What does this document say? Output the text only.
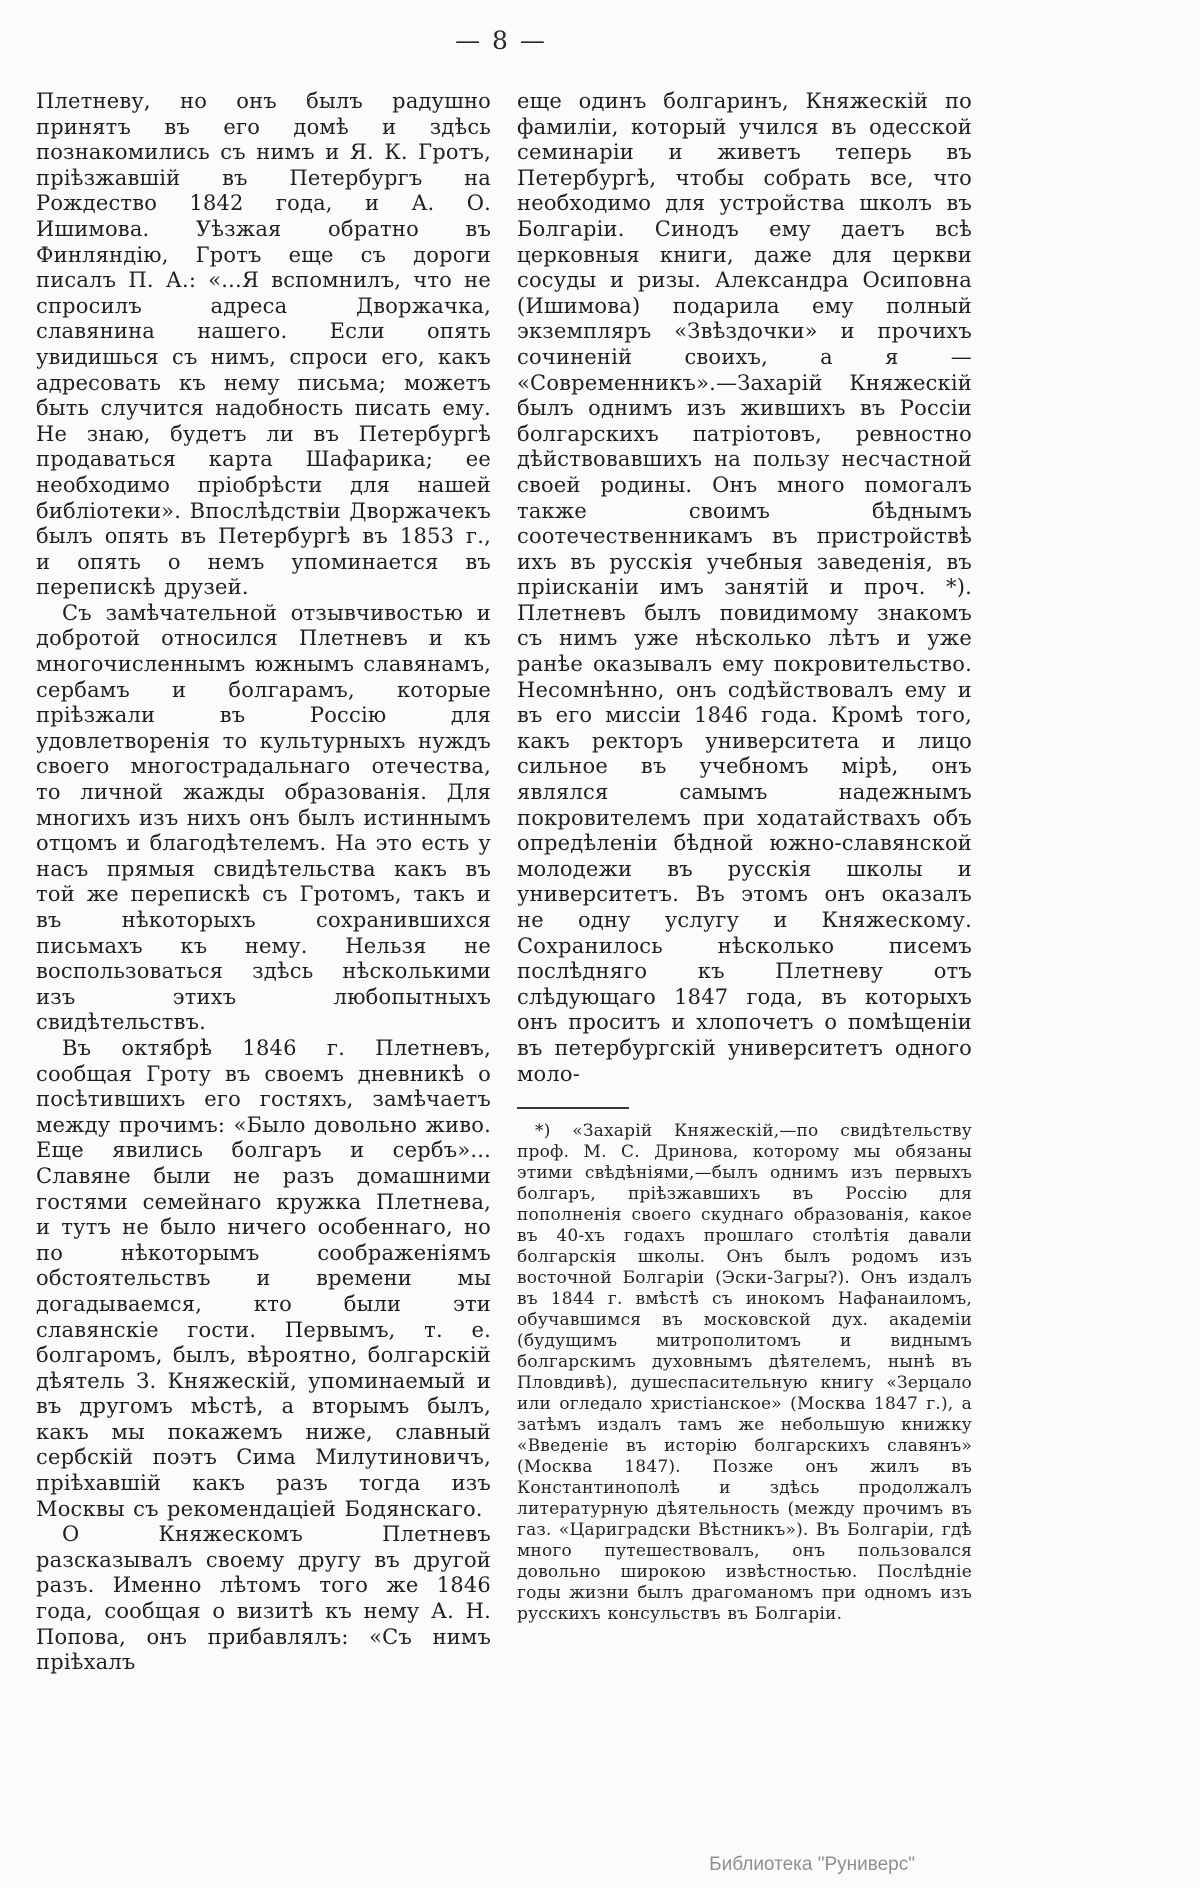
— 8 —

Плетневу, но онъ былъ радушно принятъ въ его домѣ и здѣсь познакомились съ нимъ и Я. К. Гротъ, пріѣзжавшій въ Петербургъ на Рождество 1842 года, и А. О. Ишимова. Уѣзжая обратно въ Финляндію, Гротъ еще съ дороги писалъ П. А.: «...Я вспомнилъ, что не спросилъ адреса Дворжачка, славянина нашего. Если опять увидишься съ нимъ, спроси его, какъ адресовать къ нему письма; можетъ быть случится надобность писать ему. Не знаю, будетъ ли въ Петербургѣ продаваться карта Шафарика; ее необходимо пріобрѣсти для нашей библіотеки». Впослѣдствіи Дворжачекъ былъ опять въ Петербургѣ въ 1853 г., и опять о немъ упоминается въ перепискѣ друзей.

Съ замѣчательной отзывчивостью и добротой относился Плетневъ и къ многочисленнымъ южнымъ славянамъ, сербамъ и болгарамъ, которые пріѣзжали въ Россію для удовлетворенія то культурныхъ нуждъ своего многострадальнаго отечества, то личной жажды образованія. Для многихъ изъ нихъ онъ былъ истиннымъ отцомъ и благодѣтелемъ. На это есть у насъ прямыя свидѣтельства какъ въ той же перепискѣ съ Гротомъ, такъ и въ нѣкоторыхъ сохранившихся письмахъ къ нему. Нельзя не воспользоваться здѣсь нѣсколькими изъ этихъ любопытныхъ свидѣтельствъ.

Въ октябрѣ 1846 г. Плетневъ, сообщая Гроту въ своемъ дневникѣ о посѣтившихъ его гостяхъ, замѣчаетъ между прочимъ: «Было довольно живо. Еще явились болгаръ и сербъ»... Славяне были не разъ домашними гостями семейнаго кружка Плетнева, и тутъ не было ничего особеннаго, но по нѣкоторымъ соображеніямъ обстоятельствъ и времени мы догадываемся, кто были эти славянскіе гости. Первымъ, т. е. болгаромъ, былъ, вѣроятно, болгарскій дѣятель З. Княжескій, упоминаемый и въ другомъ мѣстѣ, а вторымъ былъ, какъ мы покажемъ ниже, славный сербскій поэтъ Сима Милутиновичъ, пріѣхавшій какъ разъ тогда изъ Москвы съ рекомендаціей Бодянскаго.

О Княжескомъ Плетневъ разсказывалъ своему другу въ другой разъ. Именно лѣтомъ того же 1846 года, сообщая о визитѣ къ нему А. Н. Попова, онъ прибавлялъ: «Съ нимъ пріѣхалъ

еще одинъ болгаринъ, Княжескій по фамиліи, который учился въ одесской семинаріи и живетъ теперь въ Петербургѣ, чтобы собрать все, что необходимо для устройства школъ въ Болгаріи. Синодъ ему даетъ всѣ церковныя книги, даже для церкви сосуды и ризы. Александра Осиповна (Ишимова) подарила ему полный экземпляръ «Звѣздочки» и прочихъ сочиненій своихъ, а я — «Современникъ».—Захарій Княжескій былъ однимъ изъ жившихъ въ Россіи болгарскихъ патріотовъ, ревностно дѣйствовавшихъ на пользу несчастной своей родины. Онъ много помогалъ также своимъ бѣднымъ соотечественникамъ въ пристройствѣ ихъ въ русскія учебныя заведенія, въ пріисканіи имъ занятій и проч. *). Плетневъ былъ повидимому знакомъ съ нимъ уже нѣсколько лѣтъ и уже ранѣе оказывалъ ему покровительство. Несомнѣнно, онъ содѣйствовалъ ему и въ его миссіи 1846 года. Кромѣ того, какъ ректоръ университета и лицо сильное въ учебномъ мірѣ, онъ являлся самымъ надежнымъ покровителемъ при ходатайствахъ объ опредѣленіи бѣдной южно-славянской молодежи въ русскія школы и университетъ. Въ этомъ онъ оказалъ не одну услугу и Княжескому. Сохранилось нѣсколько писемъ послѣдняго къ Плетневу отъ слѣдующаго 1847 года, въ которыхъ онъ проситъ и хлопочетъ о помѣщеніи въ петербургскій университетъ одного моло-

*) «Захарій Княжескій,—по свидѣтельству проф. М. С. Дринова, которому мы обязаны этими свѣдѣніями,—былъ однимъ изъ первыхъ болгаръ, пріѣзжавшихъ въ Россію для пополненія своего скуднаго образованія, какое въ 40-хъ годахъ прошлаго столѣтія давали болгарскія школы. Онъ былъ родомъ изъ восточной Болгаріи (Эски-Загры?). Онъ издалъ въ 1844 г. вмѣстѣ съ инокомъ Нафанаиломъ, обучавшимся въ московской дух. академіи (будущимъ митрополитомъ и виднымъ болгарскимъ духовнымъ дѣятелемъ, нынѣ въ Пловдивѣ), душеспасительную книгу «Зерцало или огледало христіанское» (Москва 1847 г.), а затѣмъ издалъ тамъ же небольшую книжку «Введеніе въ исторію болгарскихъ славянъ» (Москва 1847). Позже онъ жилъ въ Константинополѣ и здѣсь продолжалъ литературную дѣятельность (между прочимъ въ газ. «Цариградски Вѣстникъ»). Въ Болгаріи, гдѣ много путешествовалъ, онъ пользовался довольно широкою извѣстностью. Послѣдніе годы жизни былъ драгоманомъ при одномъ изъ русскихъ консульствъ въ Болгаріи.

Библиотека "Руниверс"
